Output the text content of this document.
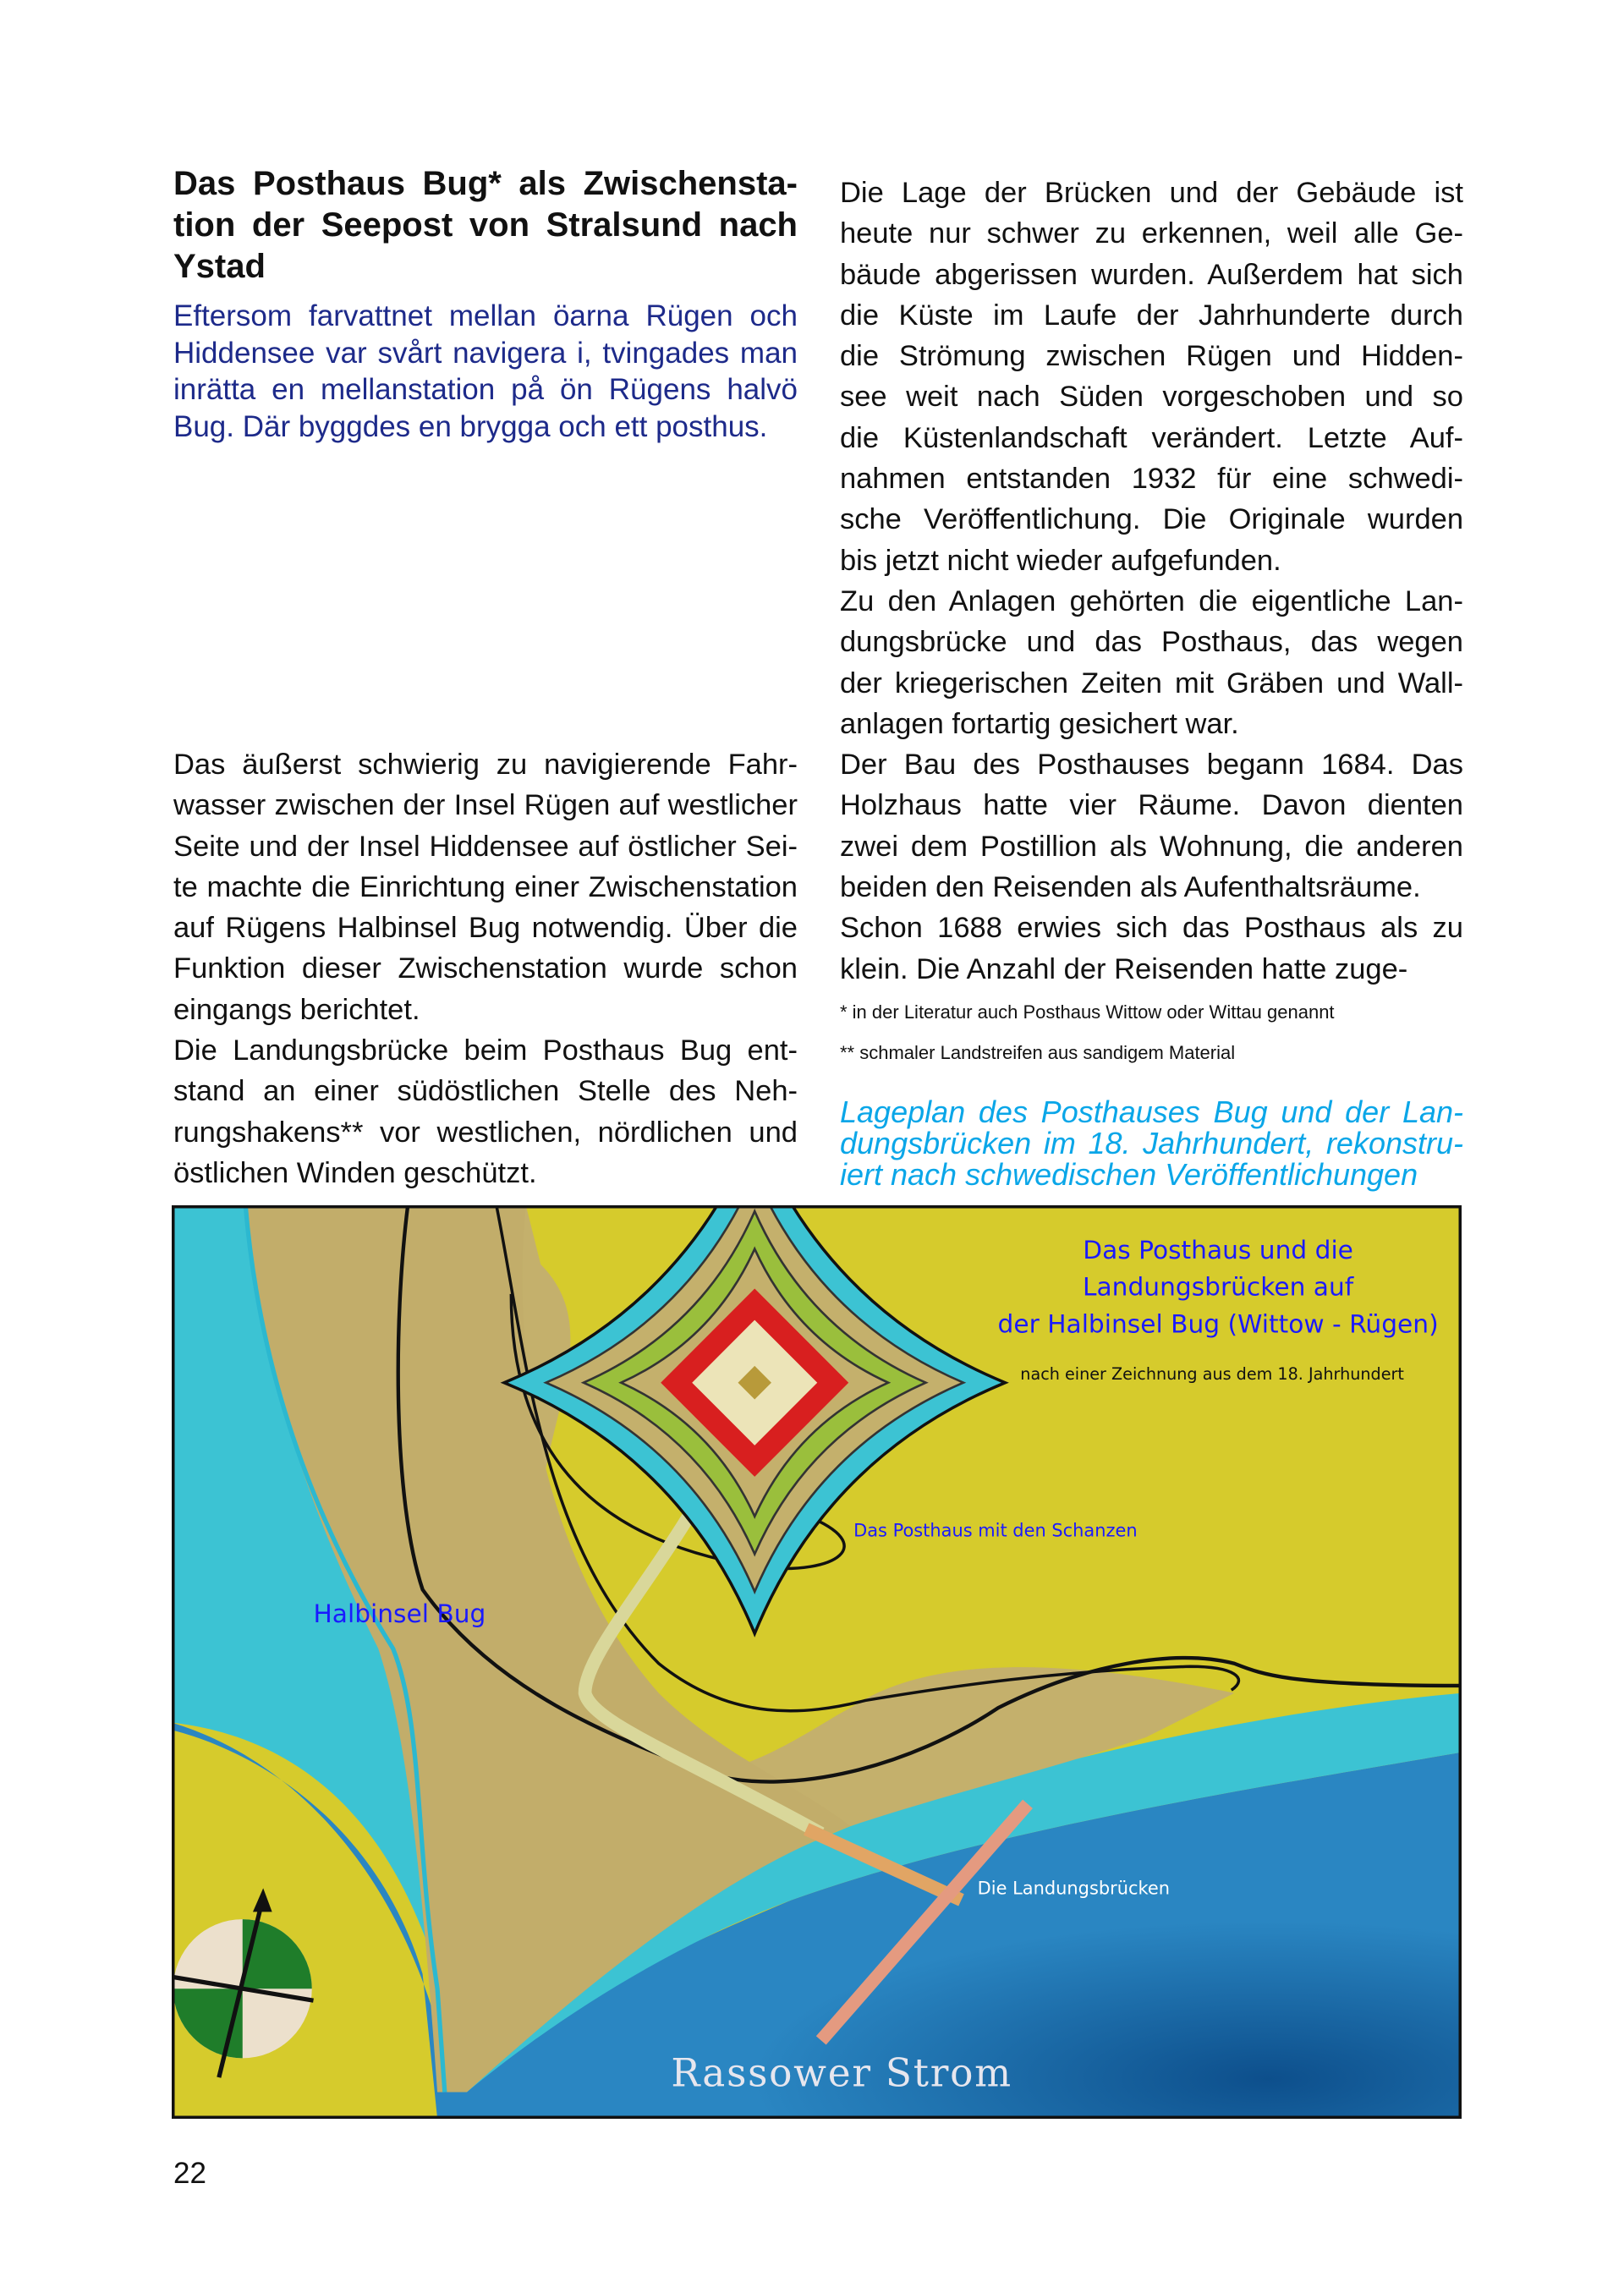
Das Posthaus Bug* als Zwischensta-
tion der Seepost von Stralsund nach
Ystad
Eftersom farvattnet mellan öarna Rügen och
Hiddensee var svårt navigera i, tvingades man
inrätta en mellanstation på ön Rügens halvö
Bug. Där byggdes en brygga och ett posthus.
Das äußerst schwierig zu navigierende Fahr-
wasser zwischen der Insel Rügen auf westlicher
Seite und der Insel Hiddensee auf östlicher Sei-
te machte die Einrichtung einer Zwischenstation
auf Rügens Halbinsel Bug notwendig. Über die
Funktion dieser Zwischenstation wurde schon
eingangs berichtet.
Die Landungsbrücke beim Posthaus Bug ent-
stand an einer südöstlichen Stelle des Neh-
rungshakens** vor westlichen, nördlichen und
östlichen Winden geschützt.
Die Lage der Brücken und der Gebäude ist
heute nur schwer zu erkennen, weil alle Ge-
bäude abgerissen wurden. Außerdem hat sich
die Küste im Laufe der Jahrhunderte durch
die Strömung zwischen Rügen und Hidden-
see weit nach Süden vorgeschoben und so
die Küstenlandschaft verändert. Letzte Auf-
nahmen entstanden 1932 für eine schwedi-
sche Veröffentlichung. Die Originale wurden
bis jetzt nicht wieder aufgefunden.
Zu den Anlagen gehörten die eigentliche Lan-
dungsbrücke und das Posthaus, das wegen
der kriegerischen Zeiten mit Gräben und Wall-
anlagen fortartig gesichert war.
Der Bau des Posthauses begann 1684. Das
Holzhaus hatte vier Räume. Davon dienten
zwei dem Postillion als Wohnung, die anderen
beiden den Reisenden als Aufenthaltsräume.
Schon 1688 erwies sich das Posthaus als zu
klein. Die Anzahl der Reisenden hatte zuge-
* in der Literatur auch Posthaus Wittow oder Wittau genannt
** schmaler Landstreifen aus sandigem Material
Lageplan des Posthauses Bug und der Lan-
dungsbrücken im 18. Jahrhundert, rekonstru-
iert nach schwedischen Veröffentlichungen
Das Posthaus und die
Landungsbrücken auf
der Halbinsel Bug (Wittow - Rügen)
nach einer Zeichnung aus dem 18. Jahrhundert
Das Posthaus mit den Schanzen
Halbinsel Bug
Die Landungsbrücken
Rassower Strom
22
